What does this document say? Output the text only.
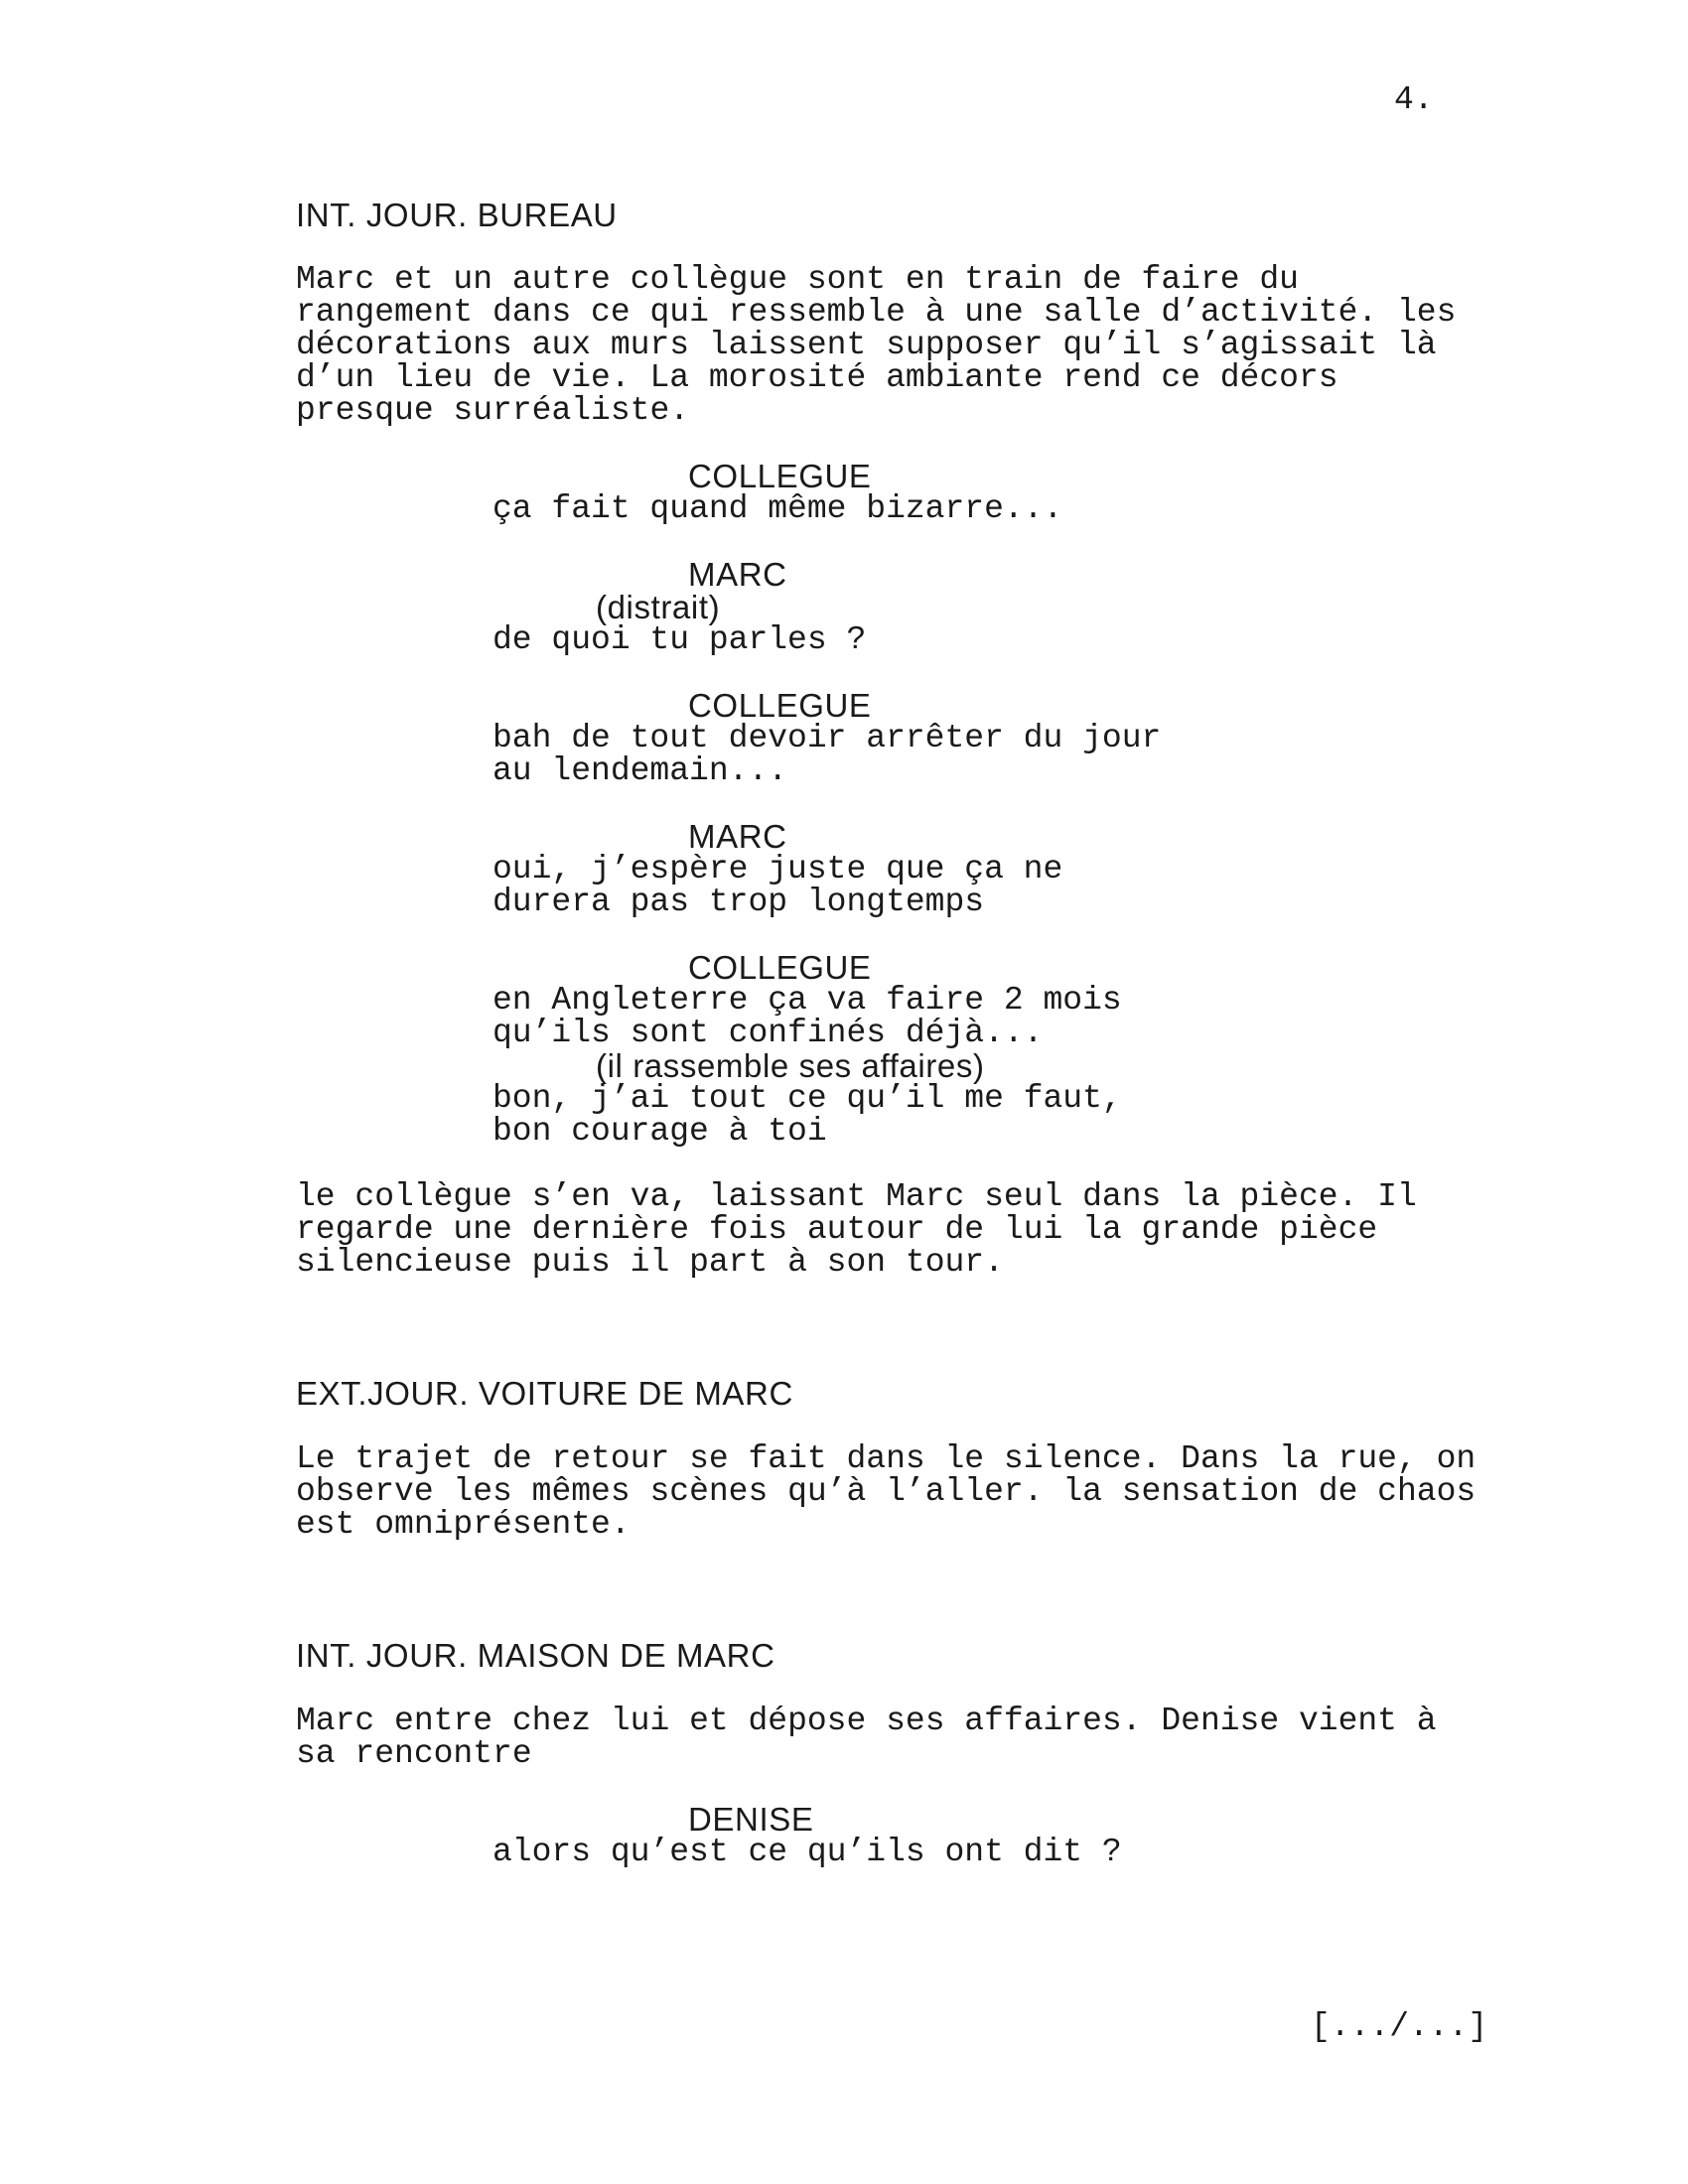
4.
INT. JOUR. BUREAU
Marc et un autre collègue sont en train de faire du
rangement dans ce qui ressemble à une salle d’activité. les
décorations aux murs laissent supposer qu’il s’agissait là
d’un lieu de vie. La morosité ambiante rend ce décors
presque surréaliste.
COLLEGUE
ça fait quand même bizarre...
MARC
(distrait)
de quoi tu parles ?
COLLEGUE
bah de tout devoir arrêter du jour
au lendemain...
MARC
oui, j’espère juste que ça ne
durera pas trop longtemps
COLLEGUE
en Angleterre ça va faire 2 mois
qu’ils sont confinés déjà...
(il rassemble ses affaires)
bon, j’ai tout ce qu’il me faut,
bon courage à toi
le collègue s’en va, laissant Marc seul dans la pièce. Il
regarde une dernière fois autour de lui la grande pièce
silencieuse puis il part à son tour.
EXT.JOUR. VOITURE DE MARC
Le trajet de retour se fait dans le silence. Dans la rue, on
observe les mêmes scènes qu’à l’aller. la sensation de chaos
est omniprésente.
INT. JOUR. MAISON DE MARC
Marc entre chez lui et dépose ses affaires. Denise vient à
sa rencontre
DENISE
alors qu’est ce qu’ils ont dit ?
[.../...]
